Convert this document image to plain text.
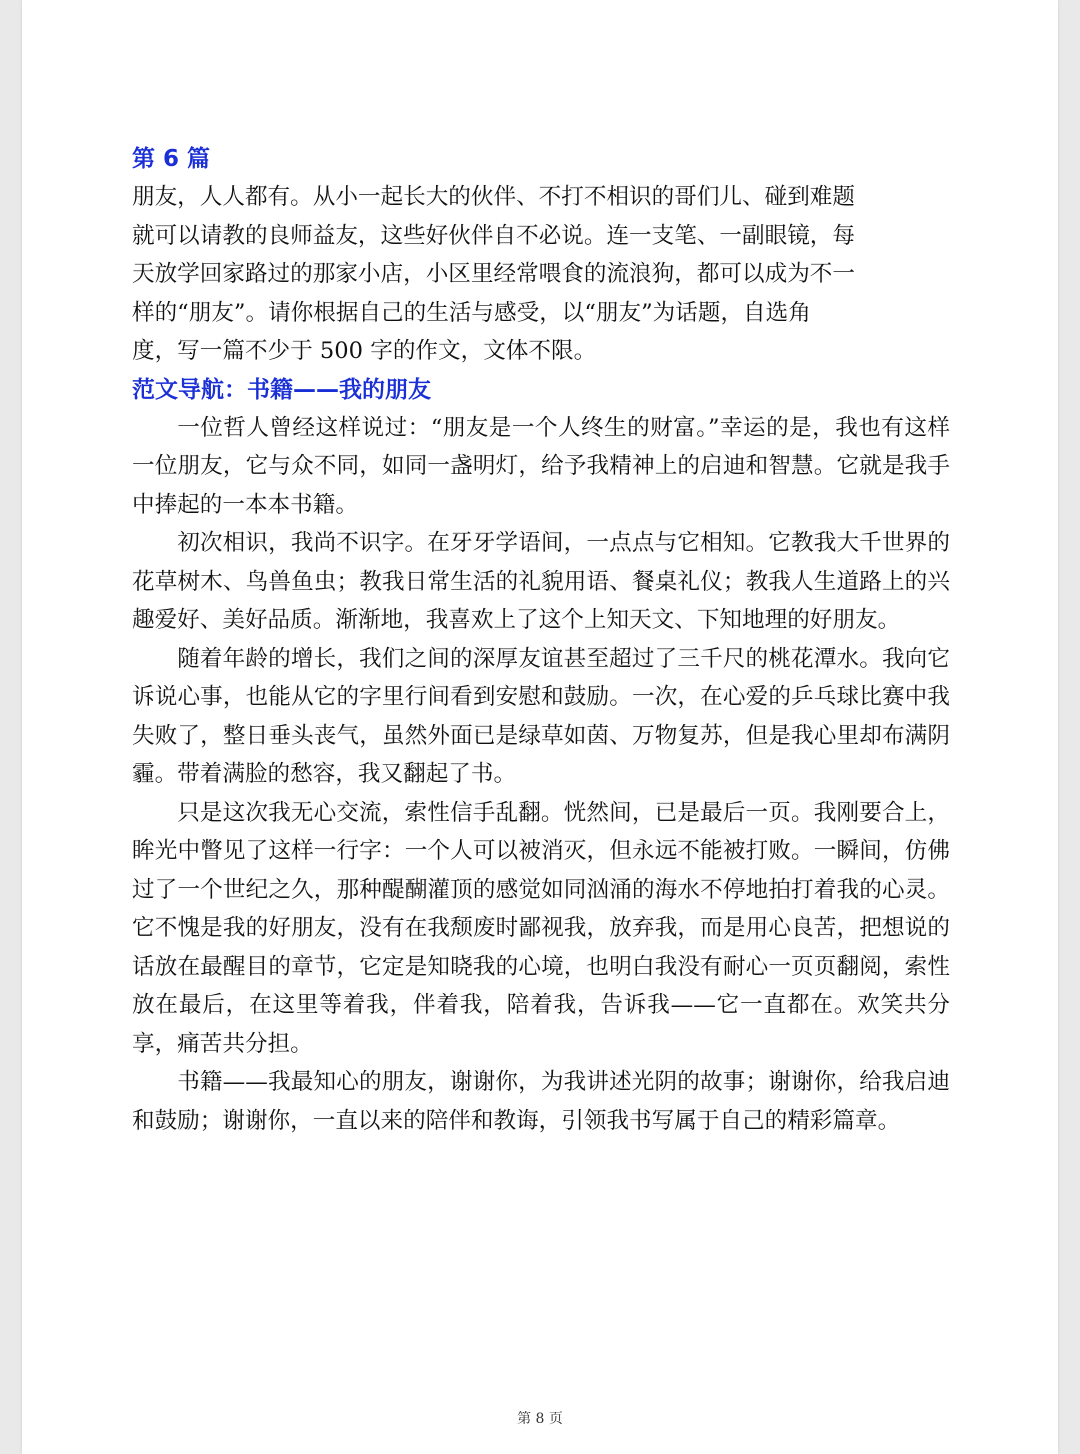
第 6 篇
朋友，人人都有。从小一起长大的伙伴、不打不相识的哥们儿、碰到难题
就可以请教的良师益友，这些好伙伴自不必说。连一支笔、一副眼镜，每
天放学回家路过的那家小店，小区里经常喂食的流浪狗，都可以成为不一
样的“朋友”。请你根据自己的生活与感受，以“朋友”为话题，自选角
度，写一篇不少于 500 字的作文，文体不限。
范文导航：书籍——我的朋友

一位哲人曾经这样说过：“朋友是一个人终生的财富。”幸运的是，我也有这样一位朋友，它与众不同，如同一盏明灯，给予我精神上的启迪和智慧。它就是我手中捧起的一本本书籍。

初次相识，我尚不识字。在牙牙学语间，一点点与它相知。它教我大千世界的花草树木、鸟兽鱼虫；教我日常生活的礼貌用语、餐桌礼仪；教我人生道路上的兴趣爱好、美好品质。渐渐地，我喜欢上了这个上知天文、下知地理的好朋友。

随着年龄的增长，我们之间的深厚友谊甚至超过了三千尺的桃花潭水。我向它诉说心事，也能从它的字里行间看到安慰和鼓励。一次，在心爱的乒乓球比赛中我失败了，整日垂头丧气，虽然外面已是绿草如茵、万物复苏，但是我心里却布满阴霾。带着满脸的愁容，我又翻起了书。

只是这次我无心交流，索性信手乱翻。恍然间，已是最后一页。我刚要合上，眸光中瞥见了这样一行字：一个人可以被消灭，但永远不能被打败。一瞬间，仿佛过了一个世纪之久，那种醍醐灌顶的感觉如同汹涌的海水不停地拍打着我的心灵。它不愧是我的好朋友，没有在我颓废时鄙视我，放弃我，而是用心良苦，把想说的话放在最醒目的章节，它定是知晓我的心境，也明白我没有耐心一页页翻阅，索性放在最后，在这里等着我，伴着我，陪着我，告诉我——它一直都在。欢笑共分享，痛苦共分担。

书籍——我最知心的朋友，谢谢你，为我讲述光阴的故事；谢谢你，给我启迪和鼓励；谢谢你，一直以来的陪伴和教诲，引领我书写属于自己的精彩篇章。

第 8 页
